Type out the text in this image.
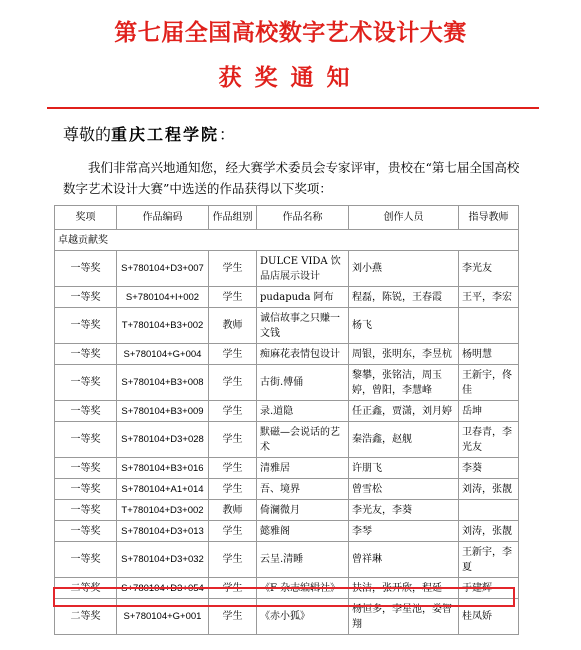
第七届全国高校数字艺术设计大赛
获奖通知
尊敬的重庆工程学院：
我们非常高兴地通知您，经大赛学术委员会专家评审，贵校在“第七届全国高校数字艺术设计大赛”中选送的作品获得以下奖项：
奖项	作品编码	作品组别	作品名称	创作人员	指导教师
卓越贡献奖					
一等奖	S+780104+D3+007	学生	DULCE VIDA 饮品店展示设计	刘小燕	李光友
一等奖	S+780104+I+002	学生	pudapuda 阿布	程磊，陈锐，王春霞	王平，李宏
一等奖	T+780104+B3+002	教师	诚信故事之只赚一文钱	杨飞	
一等奖	S+780104+G+004	学生	痴麻花表情包设计	周银，张明东，李昱杭	杨明慧
一等奖	S+780104+B3+008	学生	古街.傅俑	黎攀，张铭洁，周玉婷，曾阳，李慧峰	王新宇，佟佳
一等奖	S+780104+B3+009	学生	录.道隐	任正鑫，贾潇，刘月婷	岳坤
一等奖	S+780104+D3+028	学生	默磁—会说话的艺术	秦浩鑫，赵舰	卫春青，李光友
一等奖	S+780104+B3+016	学生	清雅居	许朋飞	李葵
一等奖	S+780104+A1+014	学生	吾、境界	曾雪松	刘涛，张靓
一等奖	T+780104+D3+002	教师	倚澜微月	李光友，李葵	
一等奖	S+780104+D3+013	学生	懿雅阁	李琴	刘涛，张靓
一等奖	S+780104+D3+032	学生	云呈.清睡	曾祥琳	王新宇，李夏
二等奖	S+780104+D3+054	学生	《F 杂志编辑社》	扶洁，张开欣，程延	于建辉
二等奖	S+780104+G+001	学生	《赤小狐》	杨恒多，李星池，娄智翔	桂凤娇
